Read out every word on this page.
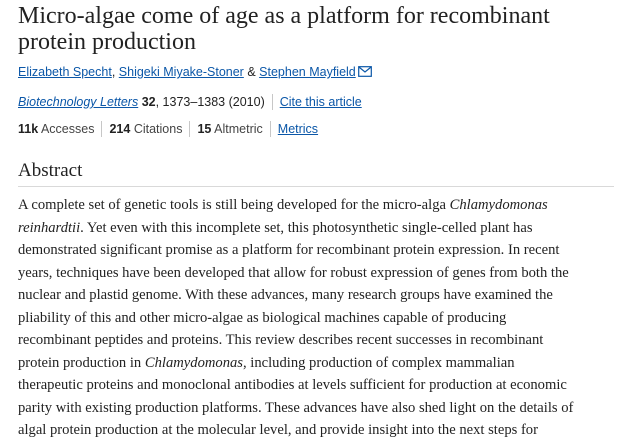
Micro-algae come of age as a platform for recombinant protein production
Elizabeth Specht, Shigeki Miyake-Stoner & Stephen Mayfield
Biotechnology Letters 32, 1373–1383 (2010) Cite this article
11k Accesses 214 Citations 15 Altmetric Metrics
Abstract
A complete set of genetic tools is still being developed for the micro-alga Chlamydomonas
reinhardtii. Yet even with this incomplete set, this photosynthetic single-celled plant has
demonstrated significant promise as a platform for recombinant protein expression. In recent
years, techniques have been developed that allow for robust expression of genes from both the
nuclear and plastid genome. With these advances, many research groups have examined the
pliability of this and other micro-algae as biological machines capable of producing
recombinant peptides and proteins. This review describes recent successes in recombinant
protein production in Chlamydomonas, including production of complex mammalian
therapeutic proteins and monoclonal antibodies at levels sufficient for production at economic
parity with existing production platforms. These advances have also shed light on the details of
algal protein production at the molecular level, and provide insight into the next steps for
